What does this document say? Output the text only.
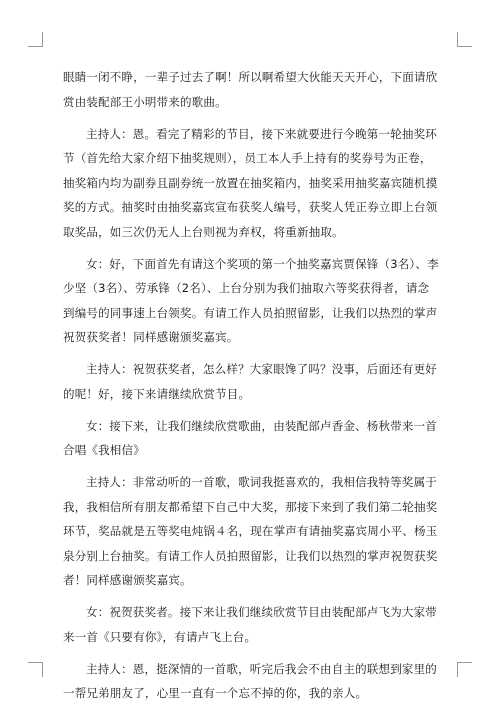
眼睛一闭不睁，一辈子过去了啊！所以啊希望大伙能天天开心，下面请欣赏由装配部王小明带来的歌曲。

主持人：恩。看完了精彩的节目，接下来就要进行今晚第一轮抽奖环节（首先给大家介绍下抽奖规则），员工本人手上持有的奖券号为正卷，抽奖箱内均为副券且副券统一放置在抽奖箱内，抽奖采用抽奖嘉宾随机摸奖的方式。抽奖时由抽奖嘉宾宣布获奖人编号，获奖人凭正券立即上台领取奖品，如三次仍无人上台则视为弃权，将重新抽取。

女：好，下面首先有请这个奖项的第一个抽奖嘉宾贾保锋（3名）、李少坚（3名）、劳承锋（2名）、上台分别为我们抽取六等奖获得者，请念到编号的同事速上台领奖。有请工作人员拍照留影，让我们以热烈的掌声祝贺获奖者！同样感谢颁奖嘉宾。

主持人：祝贺获奖者，怎么样？大家眼馋了吗？没事，后面还有更好的呢！好，接下来请继续欣赏节目。

女：接下来，让我们继续欣赏歌曲，由装配部卢香金、杨秋带来一首合唱《我相信》

主持人：非常动听的一首歌，歌词我挺喜欢的，我相信我特等奖属于我，我相信所有朋友都希望下自己中大奖，那接下来到了我们第二轮抽奖环节，奖品就是五等奖电炖锅４名，现在掌声有请抽奖嘉宾周小平、杨玉泉分别上台抽奖。有请工作人员拍照留影，让我们以热烈的掌声祝贺获奖者！同样感谢颁奖嘉宾。

女：祝贺获奖者。接下来让我们继续欣赏节目由装配部卢飞为大家带来一首《只要有你》，有请卢飞上台。

主持人：恩，挺深情的一首歌，听完后我会不由自主的联想到家里的一帮兄弟朋友了，心里一直有一个忘不掉的你，我的亲人。
